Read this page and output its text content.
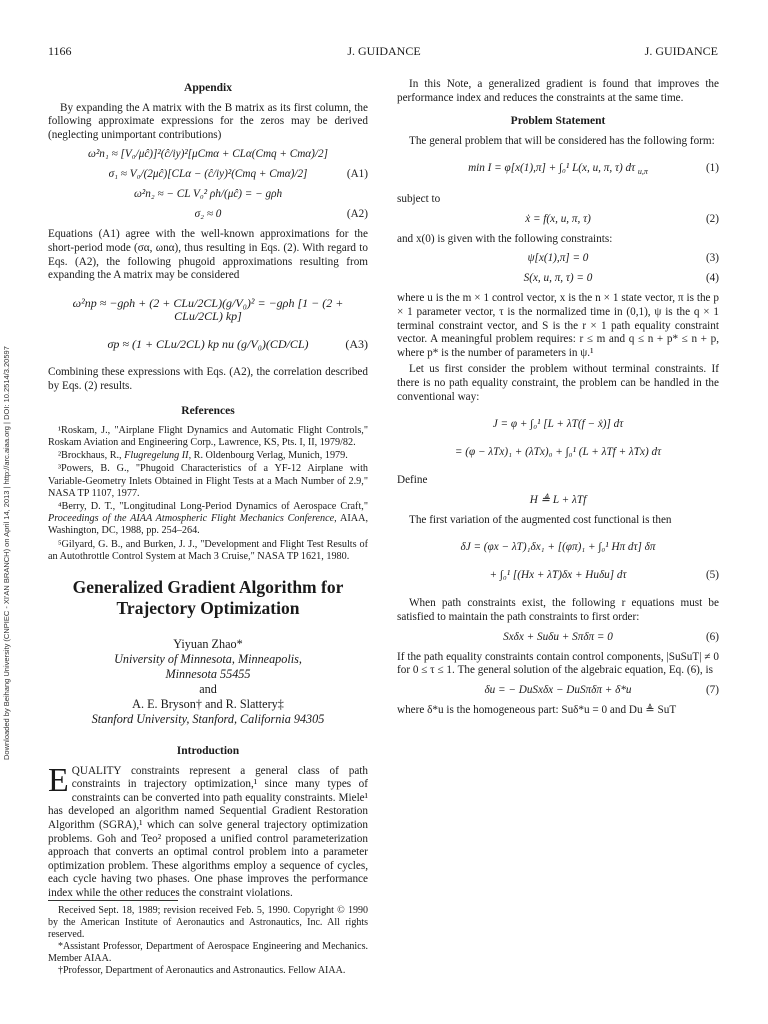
1166	J. GUIDANCE	J. GUIDANCE
Downloaded by Beihang University (CNPIEC - XI'AN BRANCH) on April 14, 2013 | http://arc.aiaa.org | DOI: 10.2514/3.20597
Appendix

By expanding the A matrix with the B matrix as its first column, the following approximate expressions for the zeros may be derived (neglecting unimportant contributions)

ω²n₁ ≈ [V₀/μĉ)]²(ĉ/iy)²[μCmα + CLα(Cmq + Cmα̇)/2]
σ₁ ≈ V₀/(2μĉ)[CLα − (ĉ/iy)²(Cmq + Cmα̇)/2]	(A1)
ω²n₂ ≈ − CL V₀² ρh/(μĉ) = − gρh
σ₂ ≈ 0	(A2)

Equations (A1) agree with the well-known approximations for the short-period mode (σα, ωnα), thus resulting in Eqs. (2). With regard to Eqs. (A2), the following phugoid approximations resulting from expanding the A matrix may be considered

ω²np ≈ −gρh + (2 + CLu/2CL)(g/V₀)² = −gρh [1 − (2 + CLu/2CL) kp]
σp ≈ (1 + CLu/2CL) kp nu (g/V₀)(CD/CL)	(A3)

Combining these expressions with Eqs. (A2), the correlation described by Eqs. (2) results.

References

¹Roskam, J., "Airplane Flight Dynamics and Automatic Flight Controls," Roskam Aviation and Engineering Corp., Lawrence, KS, Pts. I, II, 1979/82.

²Brockhaus, R., Flugregelung II, R. Oldenbourg Verlag, Munich, 1979.

³Powers, B. G., "Phugoid Characteristics of a YF-12 Airplane with Variable-Geometry Inlets Obtained in Flight Tests at a Mach Number of 2.9," NASA TP 1107, 1977.

⁴Berry, D. T., "Longitudinal Long-Period Dynamics of Aerospace Craft," Proceedings of the AIAA Atmospheric Flight Mechanics Conference, AIAA, Washington, DC, 1988, pp. 254–264.

⁵Gilyard, G. B., and Burken, J. J., "Development and Flight Test Results of an Autothrottle Control System at Mach 3 Cruise," NASA TP 1621, 1980.

Generalized Gradient Algorithm for Trajectory Optimization
Yiyuan Zhao*
University of Minnesota, Minneapolis,
Minnesota 55455
and
A. E. Bryson† and R. Slattery‡
Stanford University, Stanford, California 94305
Introduction

EQUALITY constraints represent a general class of path constraints in trajectory optimization,¹ since many types of constraints can be converted into path equality constraints. Miele¹ has developed an algorithm named Sequential Gradient Restoration Algorithm (SGRA),¹ which can solve general trajectory optimization problems. Goh and Teo² proposed a unified control parameterization approach that converts an optimal control problem into a parameter optimization problem. These algorithms employ a sequence of cycles, each cycle having two phases. One phase improves the performance index while the other reduces the constraint violations.

Received Sept. 18, 1989; revision received Feb. 5, 1990. Copyright © 1990 by the American Institute of Aeronautics and Astronautics, Inc. All rights reserved.

*Assistant Professor, Department of Aerospace Engineering and Mechanics. Member AIAA.

†Professor, Department of Aeronautics and Astronautics. Fellow AIAA.

In this Note, a generalized gradient is found that improves the performance index and reduces the constraints at the same time.

Problem Statement

The general problem that will be considered has the following form:

min I = φ[x(1),π] + ∫₀¹ L(x, u, π, τ) dτ $_{u,\pi}$	(1)

subject to

ẋ = f(x, u, π, τ)	(2)

and x(0) is given with the following constraints:

ψ[x(1),π] = 0	(3)
S(x, u, π, τ) = 0	(4)

where u is the m × 1 control vector, x is the n × 1 state vector, π is the p × 1 parameter vector, τ is the normalized time in (0,1), ψ is the q × 1 terminal constraint vector, and S is the r × 1 path equality constraint vector. A meaningful problem requires: r ≤ m and q ≤ n + p* ≤ n + p, where p* is the number of parameters in ψ.¹

Let us first consider the problem without terminal constraints. If there is no path equality constraint, the problem can be handled in the conventional way:

J = φ + ∫₀¹ [L + λT(f − ẋ)] dτ
= (φ − λTx)₁ + (λTx)₀ + ∫₀¹ (L + λTf + λ̇Tx) dτ

Define

H ≜ L + λTf

The first variation of the augmented cost functional is then

δJ = (φx − λT)₁δx₁ + [(φπ)₁ + ∫₀¹ Hπ dτ] δπ
+ ∫₀¹ [(Hx + λ̇T)δx + Huδu] dτ	(5)

When path constraints exist, the following r equations must be satisfied to maintain the path constraints to first order:

Sxδx + Suδu + Sπδπ = 0	(6)

If the path equality constraints contain control components, |SuSuT| ≠ 0 for 0 ≤ τ ≤ 1. The general solution of the algebraic equation, Eq. (6), is

δu = − DuSxδx − DuSπδπ + δ*u	(7)

where δ*u is the homogeneous part: Suδ*u = 0 and Du ≜ SuT
